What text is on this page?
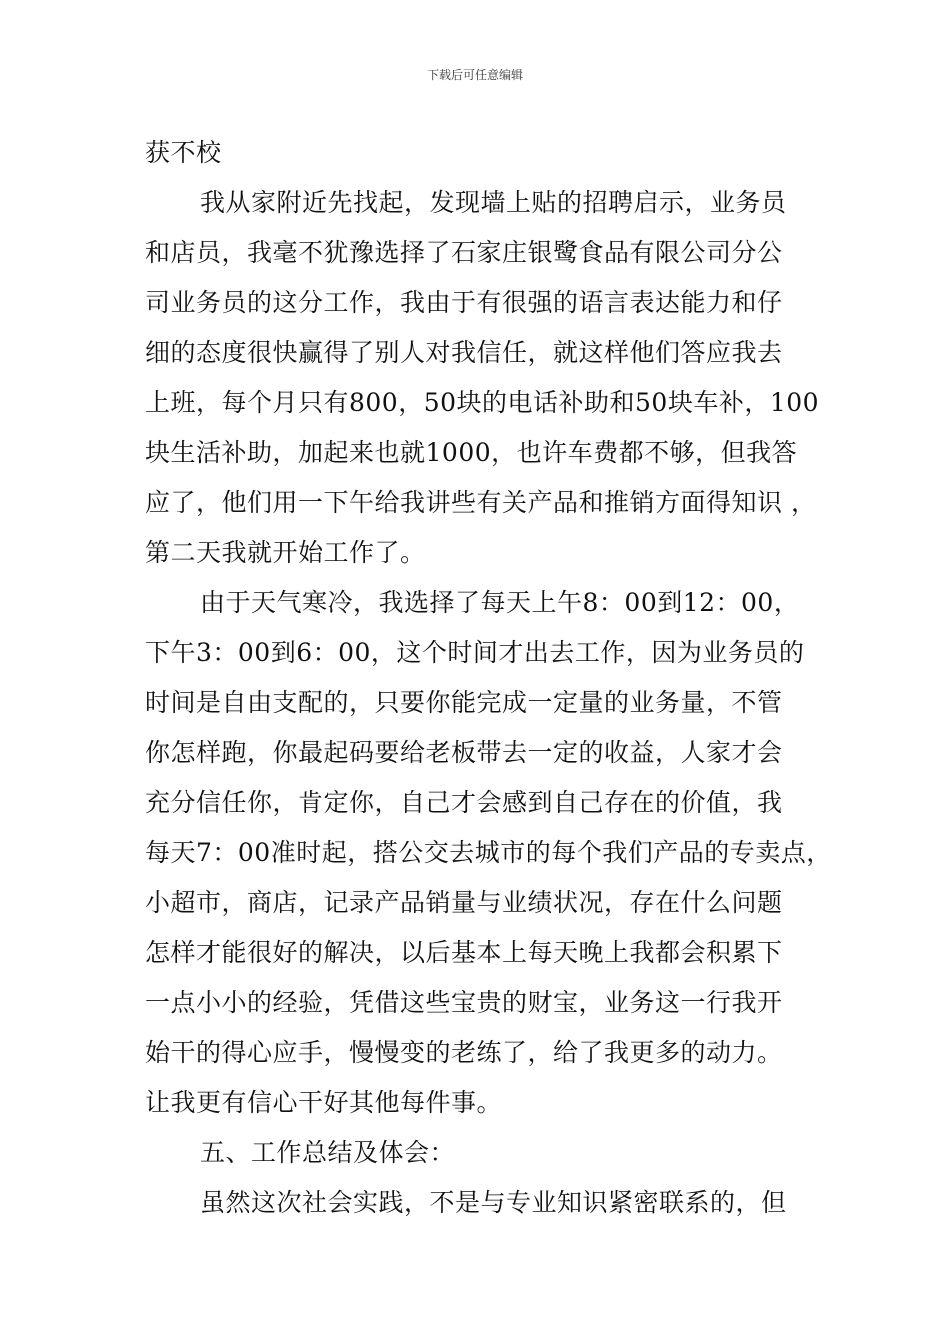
下载后可任意编辑
获不校
我从家附近先找起，发现墙上贴的招聘启示，业务员
和店员，我毫不犹豫选择了石家庄银鹭食品有限公司分公
司业务员的这分工作，我由于有很强的语言表达能力和仔
细的态度很快赢得了别人对我信任，就这样他们答应我去
上班，每个月只有800，50块的电话补助和50块车补，100
块生活补助，加起来也就1000，也许车费都不够，但我答
应了，他们用一下午给我讲些有关产品和推销方面得知识 ，
第二天我就开始工作了。
由于天气寒冷，我选择了每天上午8：00到12：00，
下午3：00到6：00，这个时间才出去工作，因为业务员的
时间是自由支配的，只要你能完成一定量的业务量，不管
你怎样跑，你最起码要给老板带去一定的收益，人家才会
充分信任你，肯定你，自己才会感到自己存在的价值，我
每天7：00准时起，搭公交去城市的每个我们产品的专卖点，
小超市，商店，记录产品销量与业绩状况，存在什么问题
怎样才能很好的解决，以后基本上每天晚上我都会积累下
一点小小的经验，凭借这些宝贵的财宝，业务这一行我开
始干的得心应手，慢慢变的老练了，给了我更多的动力。
让我更有信心干好其他每件事。
五、工作总结及体会：
虽然这次社会实践，不是与专业知识紧密联系的，但
